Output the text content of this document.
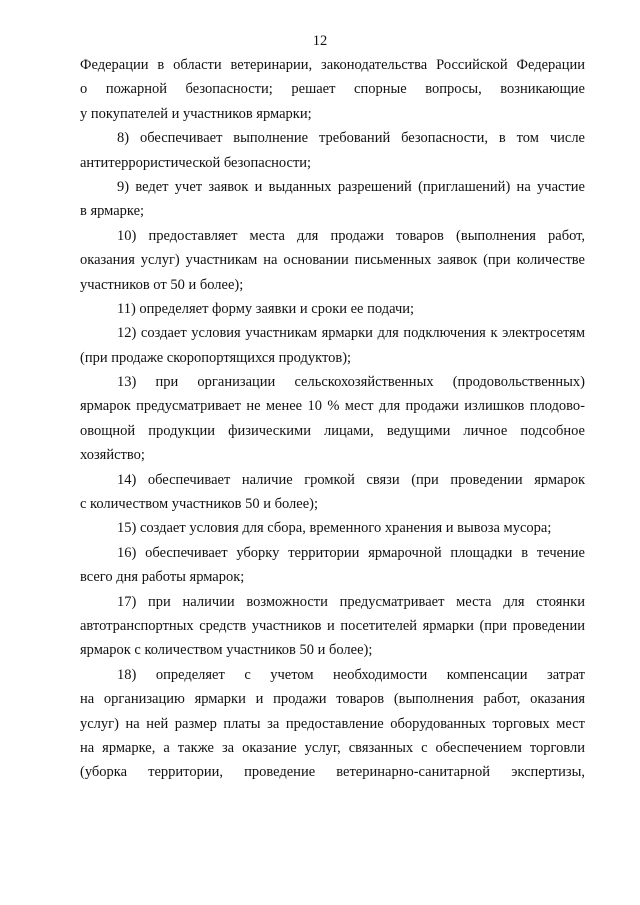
12
Федерации в области ветеринарии, законодательства Российской Федерации
о пожарной безопасности; решает спорные вопросы, возникающие
у покупателей и участников ярмарки;
8) обеспечивает выполнение требований безопасности, в том числе
антитеррористической безопасности;
9) ведет учет заявок и выданных разрешений (приглашений) на участие
в ярмарке;
10) предоставляет места для продажи товаров (выполнения работ,
оказания услуг) участникам на основании письменных заявок (при количестве
участников от 50 и более);
11) определяет форму заявки и сроки ее подачи;
12) создает условия участникам ярмарки для подключения к электросетям
(при продаже скоропортящихся продуктов);
13) при организации сельскохозяйственных (продовольственных)
ярмарок предусматривает не менее 10 % мест для продажи излишков плодово-
овощной продукции физическими лицами, ведущими личное подсобное
хозяйство;
14) обеспечивает наличие громкой связи (при проведении ярмарок
с количеством участников 50 и более);
15) создает условия для сбора, временного хранения и вывоза мусора;
16) обеспечивает уборку территории ярмарочной площадки в течение
всего дня работы ярмарок;
17) при наличии возможности предусматривает места для стоянки
автотранспортных средств участников и посетителей ярмарки (при проведении
ярмарок с количеством участников 50 и более);
18) определяет с учетом необходимости компенсации затрат
на организацию ярмарки и продажи товаров (выполнения работ, оказания
услуг) на ней размер платы за предоставление оборудованных торговых мест
на ярмарке, а также за оказание услуг, связанных с обеспечением торговли
(уборка территории, проведение ветеринарно-санитарной экспертизы,
